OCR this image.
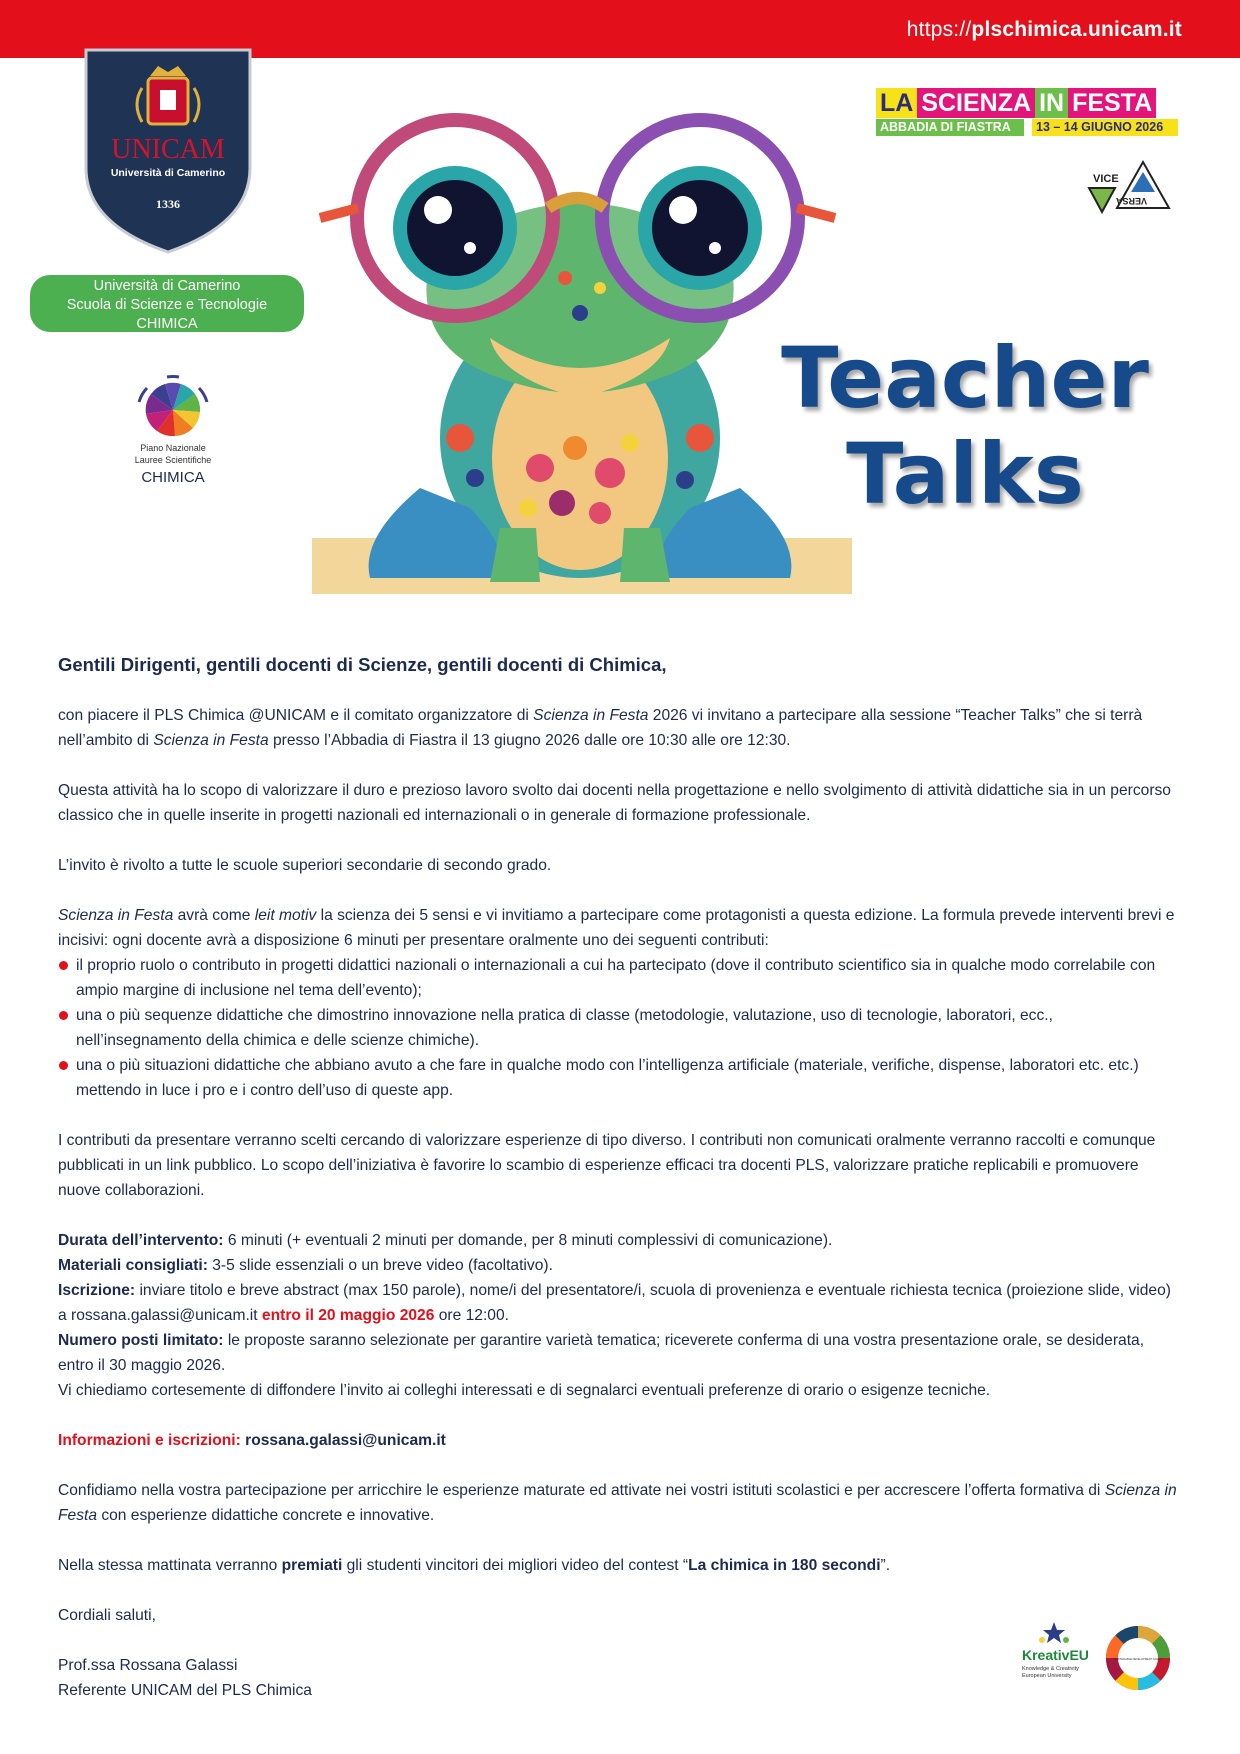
https://plschimica.unicam.it
UNICAM
Università di Camerino
1336
Università di Camerino
Scuola di Scienze e Tecnologie
CHIMICA
Piano Nazionale
Lauree Scientifiche
CHIMICA
LA SCIENZA IN FESTA
ABBADIA DI FIASTRA	13 – 14 GIUGNO 2026
VICE
VERSA
Teacher
Talks

Gentili Dirigenti, gentili docenti di Scienze, gentili docenti di Chimica,

con piacere il PLS Chimica @UNICAM e il comitato organizzatore di Scienza in Festa 2026 vi invitano a partecipare alla sessione “Teacher Talks” che si terrà nell’ambito di Scienza in Festa presso l’Abbadia di Fiastra il 13 giugno 2026 dalle ore 10:30 alle ore 12:30.

Questa attività ha lo scopo di valorizzare il duro e prezioso lavoro svolto dai docenti nella progettazione e nello svolgimento di attività didattiche sia in un percorso classico che in quelle inserite in progetti nazionali ed internazionali o in generale di formazione professionale.

L’invito è rivolto a tutte le scuole superiori secondarie di secondo grado.

Scienza in Festa avrà come leit motiv la scienza dei 5 sensi e vi invitiamo a partecipare come protagonisti a questa edizione. La formula prevede interventi brevi e incisivi: ogni docente avrà a disposizione 6 minuti per presentare oralmente uno dei seguenti contributi:

il proprio ruolo o contributo in progetti didattici nazionali o internazionali a cui ha partecipato (dove il contributo scientifico sia in qualche modo correlabile con ampio margine di inclusione nel tema dell’evento);
una o più sequenze didattiche che dimostrino innovazione nella pratica di classe (metodologie, valutazione, uso di tecnologie, laboratori, ecc., nell’insegnamento della chimica e delle scienze chimiche).
una o più situazioni didattiche che abbiano avuto a che fare in qualche modo con l’intelligenza artificiale (materiale, verifiche, dispense, laboratori etc. etc.) mettendo in luce i pro e i contro dell’uso di queste app.

I contributi da presentare verranno scelti cercando di valorizzare esperienze di tipo diverso. I contributi non comunicati oralmente verranno raccolti e comunque pubblicati in un link pubblico. Lo scopo dell’iniziativa è favorire lo scambio di esperienze efficaci tra docenti PLS, valorizzare pratiche replicabili e promuovere nuove collaborazioni.

Durata dell’intervento: 6 minuti (+ eventuali 2 minuti per domande, per 8 minuti complessivi di comunicazione).

Materiali consigliati: 3-5 slide essenziali o un breve video (facoltativo).

Iscrizione: inviare titolo e breve abstract (max 150 parole), nome/i del presentatore/i, scuola di provenienza e eventuale richiesta tecnica (proiezione slide, video) a rossana.galassi@unicam.it entro il 20 maggio 2026 ore 12:00.

Numero posti limitato: le proposte saranno selezionate per garantire varietà tematica; riceverete conferma di una vostra presentazione orale, se desiderata, entro il 30 maggio 2026.

Vi chiediamo cortesemente di diffondere l’invito ai colleghi interessati e di segnalarci eventuali preferenze di orario o esigenze tecniche.

Informazioni e iscrizioni: rossana.galassi@unicam.it

Confidiamo nella vostra partecipazione per arricchire le esperienze maturate ed attivate nei vostri istituti scolastici e per accrescere l’offerta formativa di Scienza in Festa con esperienze didattiche concrete e innovative.

Nella stessa mattinata verranno premiati gli studenti vincitori dei migliori video del contest “La chimica in 180 secondi”.

Cordiali saluti,

Prof.ssa Rossana Galassi

Referente UNICAM del PLS Chimica

KreativEU
Knowledge & Creativity
European University
SUSTAINABLE DEVELOPMENT GOALS
